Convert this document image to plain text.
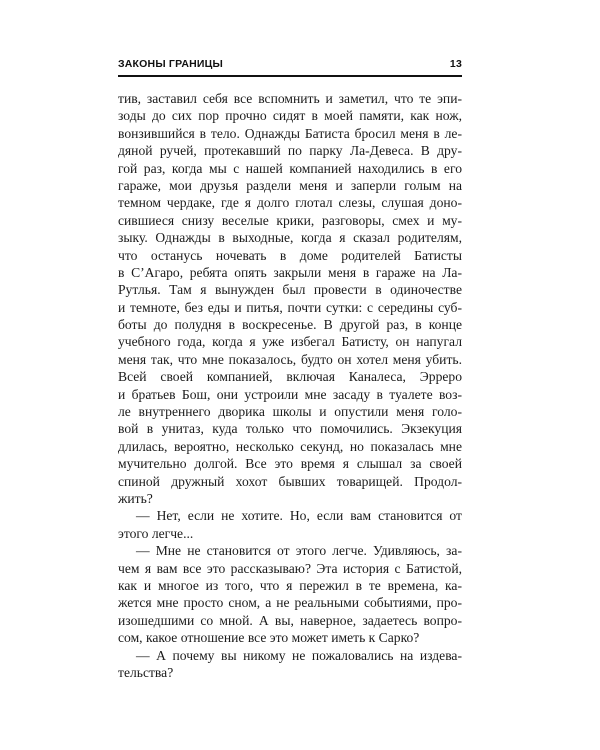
ЗАКОНЫ ГРАНИЦЫ	13
тив, заставил себя все вспомнить и заметил, что те эпи-
зоды до сих пор прочно сидят в моей памяти, как нож,
вонзившийся в тело. Однажды Батиста бросил меня в ле-
дяной ручей, протекавший по парку Ла-Девеса. В дру-
гой раз, когда мы с нашей компанией находились в его
гараже, мои друзья раздели меня и заперли голым на
темном чердаке, где я долго глотал слезы, слушая доно-
сившиеся снизу веселые крики, разговоры, смех и му-
зыку. Однажды в выходные, когда я сказал родителям,
что останусь ночевать в доме родителей Батисты
в С’Агаро, ребята опять закрыли меня в гараже на Ла-
Рутлья. Там я вынужден был провести в одиночестве
и темноте, без еды и питья, почти сутки: с середины суб-
боты до полудня в воскресенье. В другой раз, в конце
учебного года, когда я уже избегал Батисту, он напугал
меня так, что мне показалось, будто он хотел меня убить.
Всей своей компанией, включая Каналеса, Эрреро
и братьев Бош, они устроили мне засаду в туалете воз-
ле внутреннего дворика школы и опустили меня голо-
вой в унитаз, куда только что помочились. Экзекуция
длилась, вероятно, несколько секунд, но показалась мне
мучительно долгой. Все это время я слышал за своей
спиной дружный хохот бывших товарищей. Продол-
жить?
— Нет, если не хотите. Но, если вам становится от
этого легче...
— Мне не становится от этого легче. Удивляюсь, за-
чем я вам все это рассказываю? Эта история с Батистой,
как и многое из того, что я пережил в те времена, ка-
жется мне просто сном, а не реальными событиями, про-
изошедшими со мной. А вы, наверное, задаетесь вопро-
сом, какое отношение все это может иметь к Сарко?
— А почему вы никому не пожаловались на издева-
тельства?
